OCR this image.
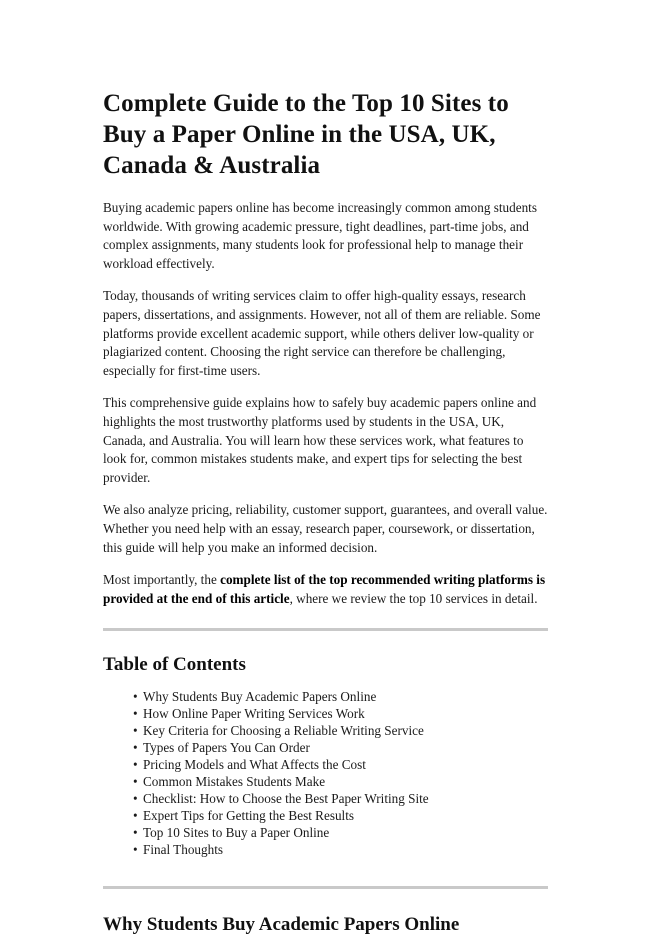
Complete Guide to the Top 10 Sites to Buy a Paper Online in the USA, UK, Canada & Australia

Buying academic papers online has become increasingly common among students worldwide. With growing academic pressure, tight deadlines, part-time jobs, and complex assignments, many students look for professional help to manage their workload effectively.

Today, thousands of writing services claim to offer high-quality essays, research papers, dissertations, and assignments. However, not all of them are reliable. Some platforms provide excellent academic support, while others deliver low-quality or plagiarized content. Choosing the right service can therefore be challenging, especially for first-time users.

This comprehensive guide explains how to safely buy academic papers online and highlights the most trustworthy platforms used by students in the USA, UK, Canada, and Australia. You will learn how these services work, what features to look for, common mistakes students make, and expert tips for selecting the best provider.

We also analyze pricing, reliability, customer support, guarantees, and overall value. Whether you need help with an essay, research paper, coursework, or dissertation, this guide will help you make an informed decision.

Most importantly, the complete list of the top recommended writing platforms is provided at the end of this article, where we review the top 10 services in detail.

Table of Contents
• Why Students Buy Academic Papers Online
• How Online Paper Writing Services Work
• Key Criteria for Choosing a Reliable Writing Service
• Types of Papers You Can Order
• Pricing Models and What Affects the Cost
• Common Mistakes Students Make
• Checklist: How to Choose the Best Paper Writing Site
• Expert Tips for Getting the Best Results
• Top 10 Sites to Buy a Paper Online
• Final Thoughts
Why Students Buy Academic Papers Online
